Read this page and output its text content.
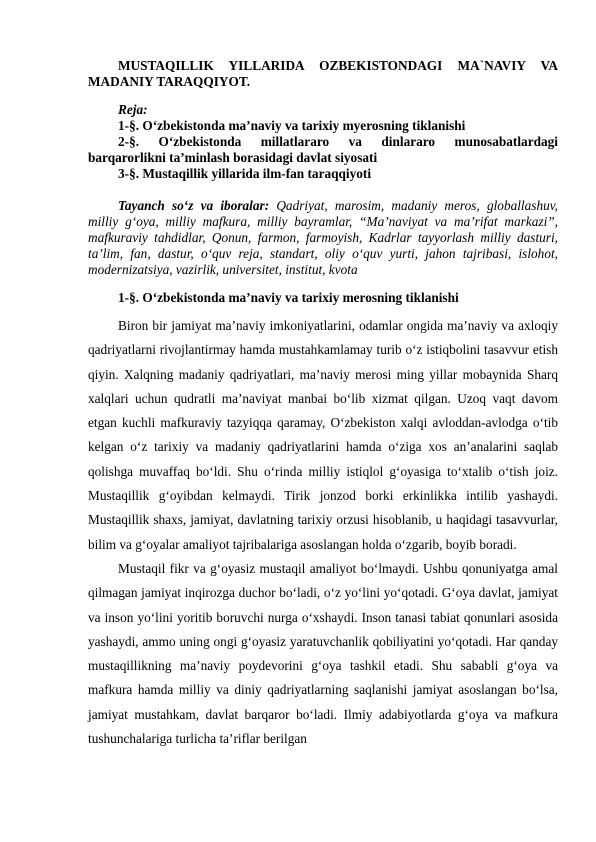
MUSTAQILLIK YILLARIDA OZBEKISTONDAGI MA`NAVIY VA MADANIY TARAQQIYOT.

Reja:

1-§. O‘zbekistonda ma’naviy va tarixiy myerosning tiklanishi

2-§. O‘zbekistonda millatlararo va dinlararo munosabatlardagi barqarorlikni ta’minlash borasidagi davlat siyosati

3-§. Mustaqillik yillarida ilm-fan taraqqiyoti

Tayanch so‘z va iboralar: Qadriyat, marosim, madaniy meros, globallashuv, milliy g‘oya, milliy mafkura, milliy bayramlar, “Ma’naviyat va ma’rifat markazi”, mafkuraviy tahdidlar, Qonun, farmon, farmoyish, Kadrlar tayyorlash milliy dasturi, ta’lim, fan, dastur, o‘quv reja, standart, oliy o‘quv yurti, jahon tajribasi, islohot, modernizatsiya, vazirlik, universitet, institut, kvota

1-§. O‘zbekistonda ma’naviy va tarixiy merosning tiklanishi

Biron bir jamiyat ma’naviy imkoniyatlarini, odamlar ongida ma’naviy va axloqiy qadriyatlarni rivojlantirmay hamda mustahkamlamay turib o‘z istiqbolini tasavvur etish qiyin. Xalqning madaniy qadriyatlari, ma’naviy merosi ming yillar mobaynida Sharq xalqlari uchun qudratli ma’naviyat manbai bo‘lib xizmat qilgan. Uzoq vaqt davom etgan kuchli mafkuraviy tazyiqqa qaramay, O‘zbekiston xalqi avloddan-avlodga o‘tib kelgan o‘z tarixiy va madaniy qadriyatlarini hamda o‘ziga xos an’analarini saqlab qolishga muvaffaq bo‘ldi. Shu o‘rinda milliy istiqlol g‘oyasiga to‘xtalib o‘tish joiz. Mustaqillik g‘oyibdan kelmaydi. Tirik jonzod borki erkinlikka intilib yashaydi. Mustaqillik shaxs, jamiyat, davlatning tarixiy orzusi hisoblanib, u haqidagi tasavvurlar, bilim va g‘oyalar amaliyot tajribalariga asoslangan holda o‘zgarib, boyib boradi.

Mustaqil fikr va g‘oyasiz mustaqil amaliyot bo‘lmaydi. Ushbu qonuniyatga amal qilmagan jamiyat inqirozga duchor bo‘ladi, o‘z yo‘lini yo‘qotadi. G‘oya davlat, jamiyat va inson yo‘lini yoritib boruvchi nurga o‘xshaydi. Inson tanasi tabiat qonunlari asosida yashaydi, ammo uning ongi g‘oyasiz yaratuvchanlik qobiliyatini yo‘qotadi. Har qanday mustaqillikning ma’naviy poydevorini g‘oya tashkil etadi. Shu sababli g‘oya va mafkura hamda milliy va diniy qadriyatlarning saqlanishi jamiyat asoslangan bo‘lsa, jamiyat mustahkam, davlat barqaror bo‘ladi. Ilmiy adabiyotlarda g‘oya va mafkura tushunchalariga turlicha ta’riflar berilgan
